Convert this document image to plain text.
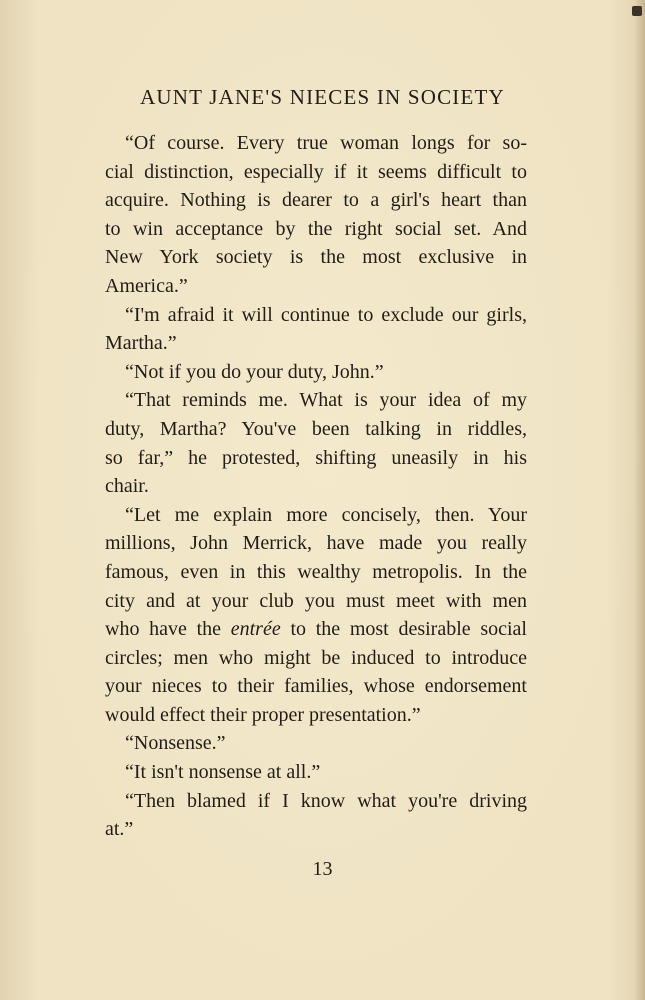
AUNT JANE'S NIECES IN SOCIETY
“Of course. Every true woman longs for so-
cial distinction, especially if it seems difficult to
acquire. Nothing is dearer to a girl's heart than
to win acceptance by the right social set. And
New York society is the most exclusive in
America.”
“I'm afraid it will continue to exclude our girls,
Martha.”
“Not if you do your duty, John.”
“That reminds me. What is your idea of my
duty, Martha? You've been talking in riddles,
so far,” he protested, shifting uneasily in his
chair.
“Let me explain more concisely, then. Your
millions, John Merrick, have made you really
famous, even in this wealthy metropolis. In the
city and at your club you must meet with men
who have the entrée to the most desirable social
circles; men who might be induced to introduce
your nieces to their families, whose endorsement
would effect their proper presentation.”
“Nonsense.”
“It isn't nonsense at all.”
“Then blamed if I know what you're driving
at.”
13
